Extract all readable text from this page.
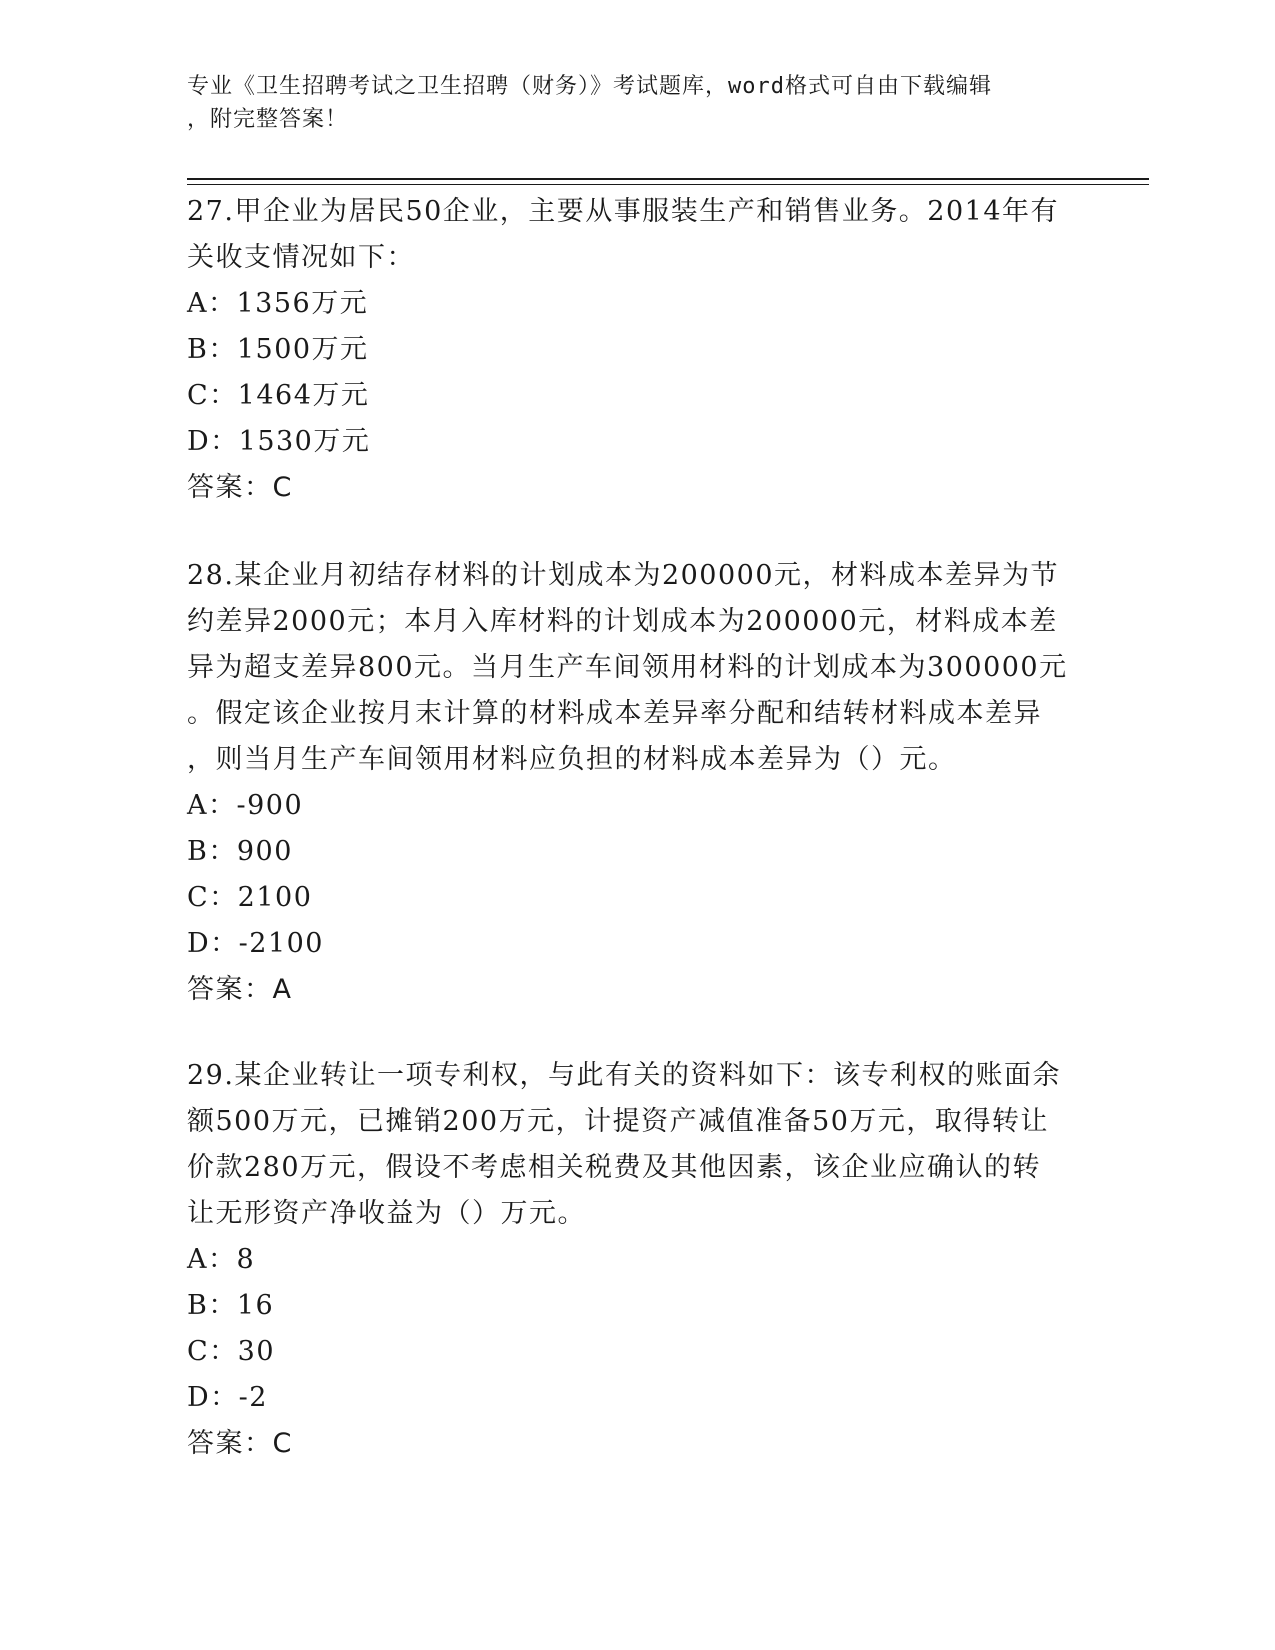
专业《卫生招聘考试之卫生招聘（财务）》考试题库，word格式可自由下载编辑
，附完整答案！
27.甲企业为居民50企业，主要从事服装生产和销售业务。2014年有
关收支情况如下：
A：1356万元
B：1500万元
C：1464万元
D：1530万元
答案：C
28.某企业月初结存材料的计划成本为200000元，材料成本差异为节
约差异2000元；本月入库材料的计划成本为200000元，材料成本差
异为超支差异800元。当月生产车间领用材料的计划成本为300000元
。假定该企业按月末计算的材料成本差异率分配和结转材料成本差异
，则当月生产车间领用材料应负担的材料成本差异为（）元。
A：-900
B：900
C：2100
D：-2100
答案：A
29.某企业转让一项专利权，与此有关的资料如下：该专利权的账面余
额500万元，已摊销200万元，计提资产减值准备50万元，取得转让
价款280万元，假设不考虑相关税费及其他因素，该企业应确认的转
让无形资产净收益为（）万元。
A：8
B：16
C：30
D：-2
答案：C
